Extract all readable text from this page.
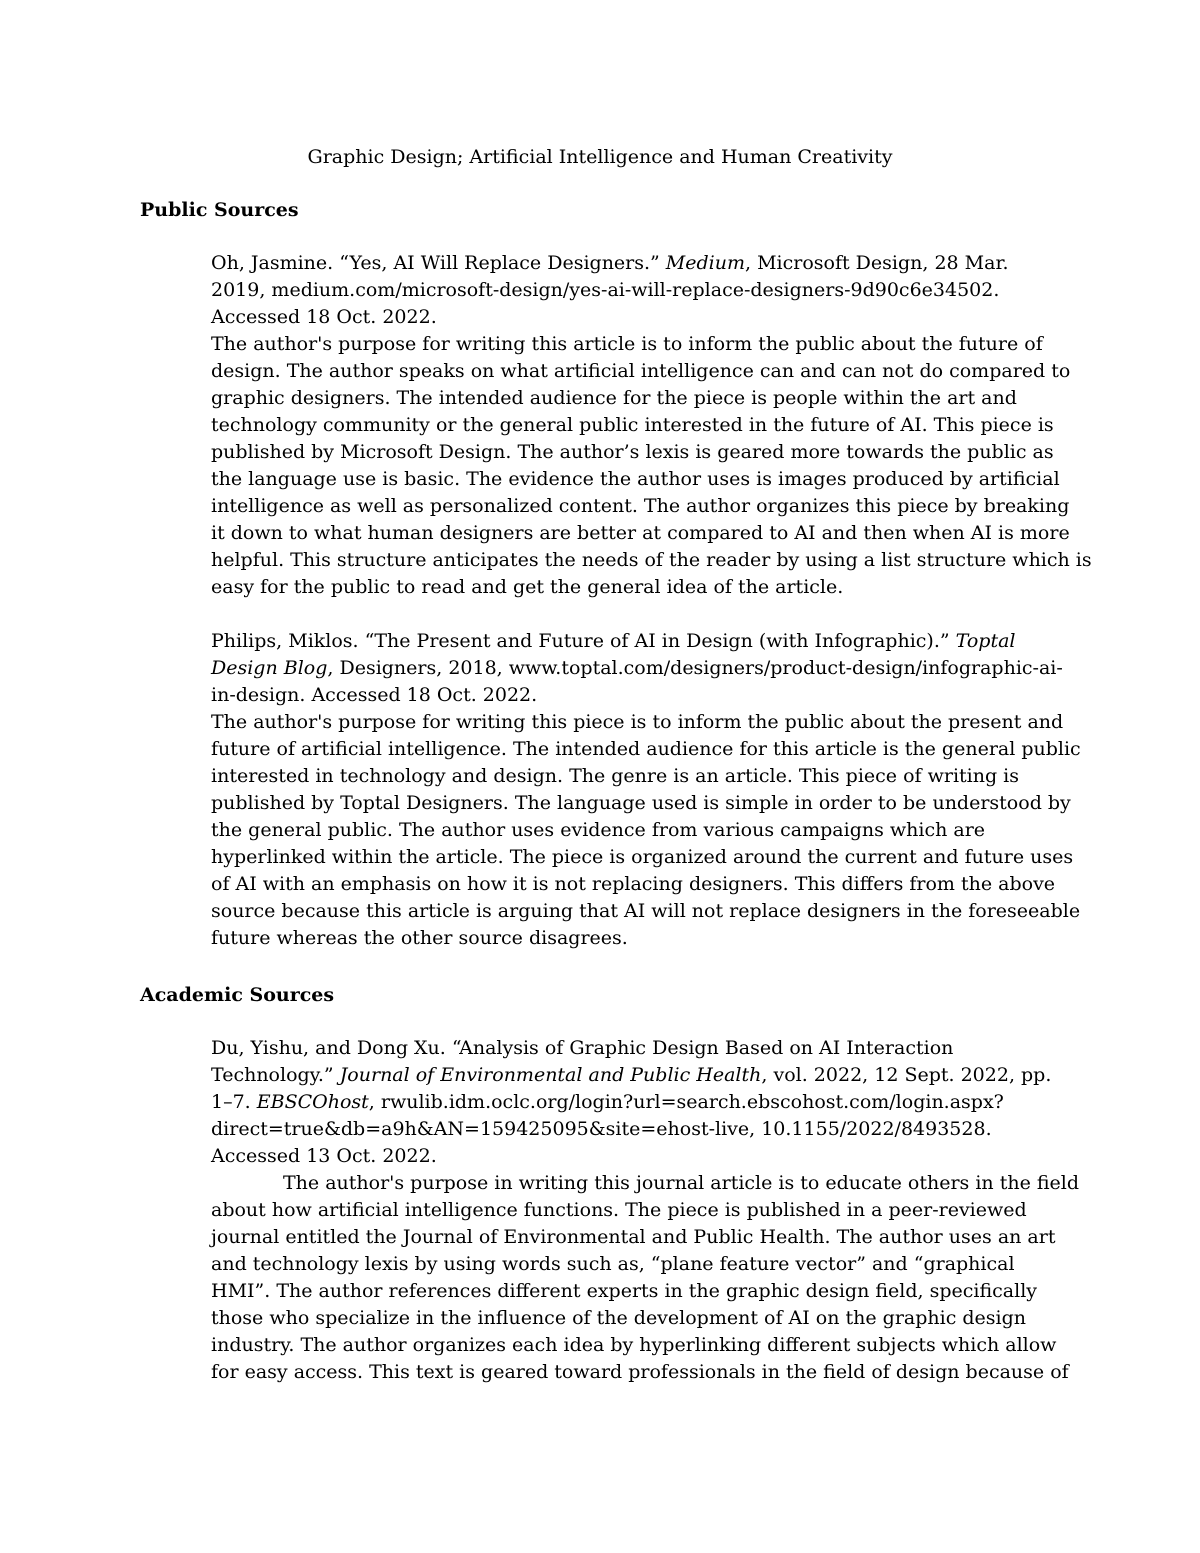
Graphic Design; Artificial Intelligence and Human Creativity
Public Sources
Oh, Jasmine. “Yes, AI Will Replace Designers.” Medium, Microsoft Design, 28 Mar.
2019, medium.com/microsoft-design/yes-ai-will-replace-designers-9d90c6e34502.
Accessed 18 Oct. 2022.
The author's purpose for writing this article is to inform the public about the future of
design. The author speaks on what artificial intelligence can and can not do compared to
graphic designers. The intended audience for the piece is people within the art and
technology community or the general public interested in the future of AI. This piece is
published by Microsoft Design. The author’s lexis is geared more towards the public as
the language use is basic. The evidence the author uses is images produced by artificial
intelligence as well as personalized content. The author organizes this piece by breaking
it down to what human designers are better at compared to AI and then when AI is more
helpful. This structure anticipates the needs of the reader by using a list structure which is
easy for the public to read and get the general idea of the article.
Philips, Miklos. “The Present and Future of AI in Design (with Infographic).” Toptal
Design Blog, Designers, 2018, www.toptal.com/designers/product-design/infographic-ai-
in-design. Accessed 18 Oct. 2022.
The author's purpose for writing this piece is to inform the public about the present and
future of artificial intelligence. The intended audience for this article is the general public
interested in technology and design. The genre is an article. This piece of writing is
published by Toptal Designers. The language used is simple in order to be understood by
the general public. The author uses evidence from various campaigns which are
hyperlinked within the article. The piece is organized around the current and future uses
of AI with an emphasis on how it is not replacing designers. This differs from the above
source because this article is arguing that AI will not replace designers in the foreseeable
future whereas the other source disagrees.
Academic Sources
Du, Yishu, and Dong Xu. “Analysis of Graphic Design Based on AI Interaction
Technology.” Journal of Environmental and Public Health, vol. 2022, 12 Sept. 2022, pp.
1–7. EBSCOhost, rwulib.idm.oclc.org/login?url=search.ebscohost.com/login.aspx?
direct=true&db=a9h&AN=159425095&site=ehost-live, 10.1155/2022/8493528.
Accessed 13 Oct. 2022.
The author's purpose in writing this journal article is to educate others in the field
about how artificial intelligence functions. The piece is published in a peer-reviewed
journal entitled the Journal of Environmental and Public Health. The author uses an art
and technology lexis by using words such as, “plane feature vector” and “graphical
HMI”. The author references different experts in the graphic design field, specifically
those who specialize in the influence of the development of AI on the graphic design
industry. The author organizes each idea by hyperlinking different subjects which allow
for easy access. This text is geared toward professionals in the field of design because of
